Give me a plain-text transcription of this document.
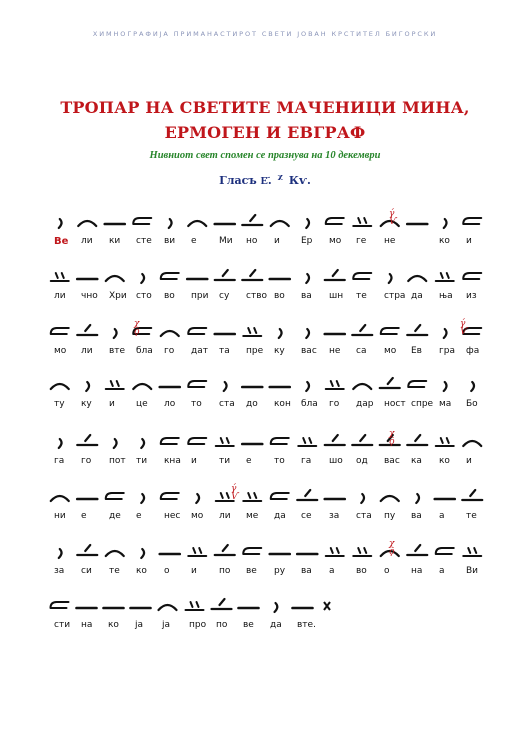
ХИМНОГРАФИЈА ПРИМАНАСТИРОТ СВЕТИ ЈОВАН КРСТИТЕЛ БИГОРСКИ
ТРОПАР НА СВЕТИТЕ МАЧЕНИЦИ МИНА, ЕРМОГЕН И ЕВГРАФ
Нивниот свет спомен се празнува на 10 декември
Гласъ Е҃. ᵡ Кѵ.
γ́
Ѵ
Ве ли ки сте ви е Ми но и Ер мо ге не	ко и
ли чно Хри сто во при су ство во ва шн те стра да ња из
χ
ϙ
γ́
Ѵ
мо ли вте бла го дат та пре ку вас не са мо Ев гра фа
ту ку и це ло то ста до кон бла го дар ност спре ма Бо
χ
ϙ
га го пот ти кна и ти е то га шо од вас ка ко и
γ́
Ѵ
ни е де е нес мо ли ме да се за ста пу ва а те
χ
ϙ
за си те ко о и по ве ру ва а во о на а Ви
сти на ко ја ја про по ве да вте.
